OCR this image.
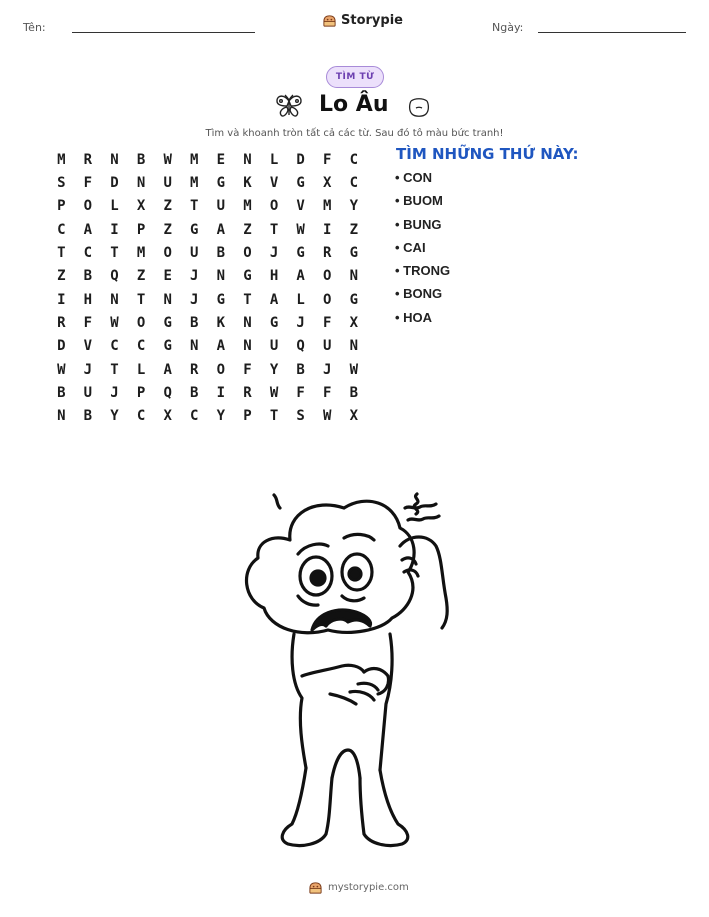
Tên:	Storypie	Ngày:
TÌM TỪ
Lo Âu
Tìm và khoanh tròn tất cả các từ. Sau đó tô màu bức tranh!
M	R	N	B	W	M	E	N	L	D	F	C
S	F	D	N	U	M	G	K	V	G	X	C
P	O	L	X	Z	T	U	M	O	V	M	Y
C	A	I	P	Z	G	A	Z	T	W	I	Z
T	C	T	M	O	U	B	O	J	G	R	G
Z	B	Q	Z	E	J	N	G	H	A	O	N
I	H	N	T	N	J	G	T	A	L	O	G
R	F	W	O	G	B	K	N	G	J	F	X
D	V	C	C	G	N	A	N	U	Q	U	N
W	J	T	L	A	R	O	F	Y	B	J	W
B	U	J	P	Q	B	I	R	W	F	F	B
N	B	Y	C	X	C	Y	P	T	S	W	X
TÌM NHỮNG THỨ NÀY:
• CON
• BUOM
• BUNG
• CAI
• TRONG
• BONG
• HOA
mystorypie.com
